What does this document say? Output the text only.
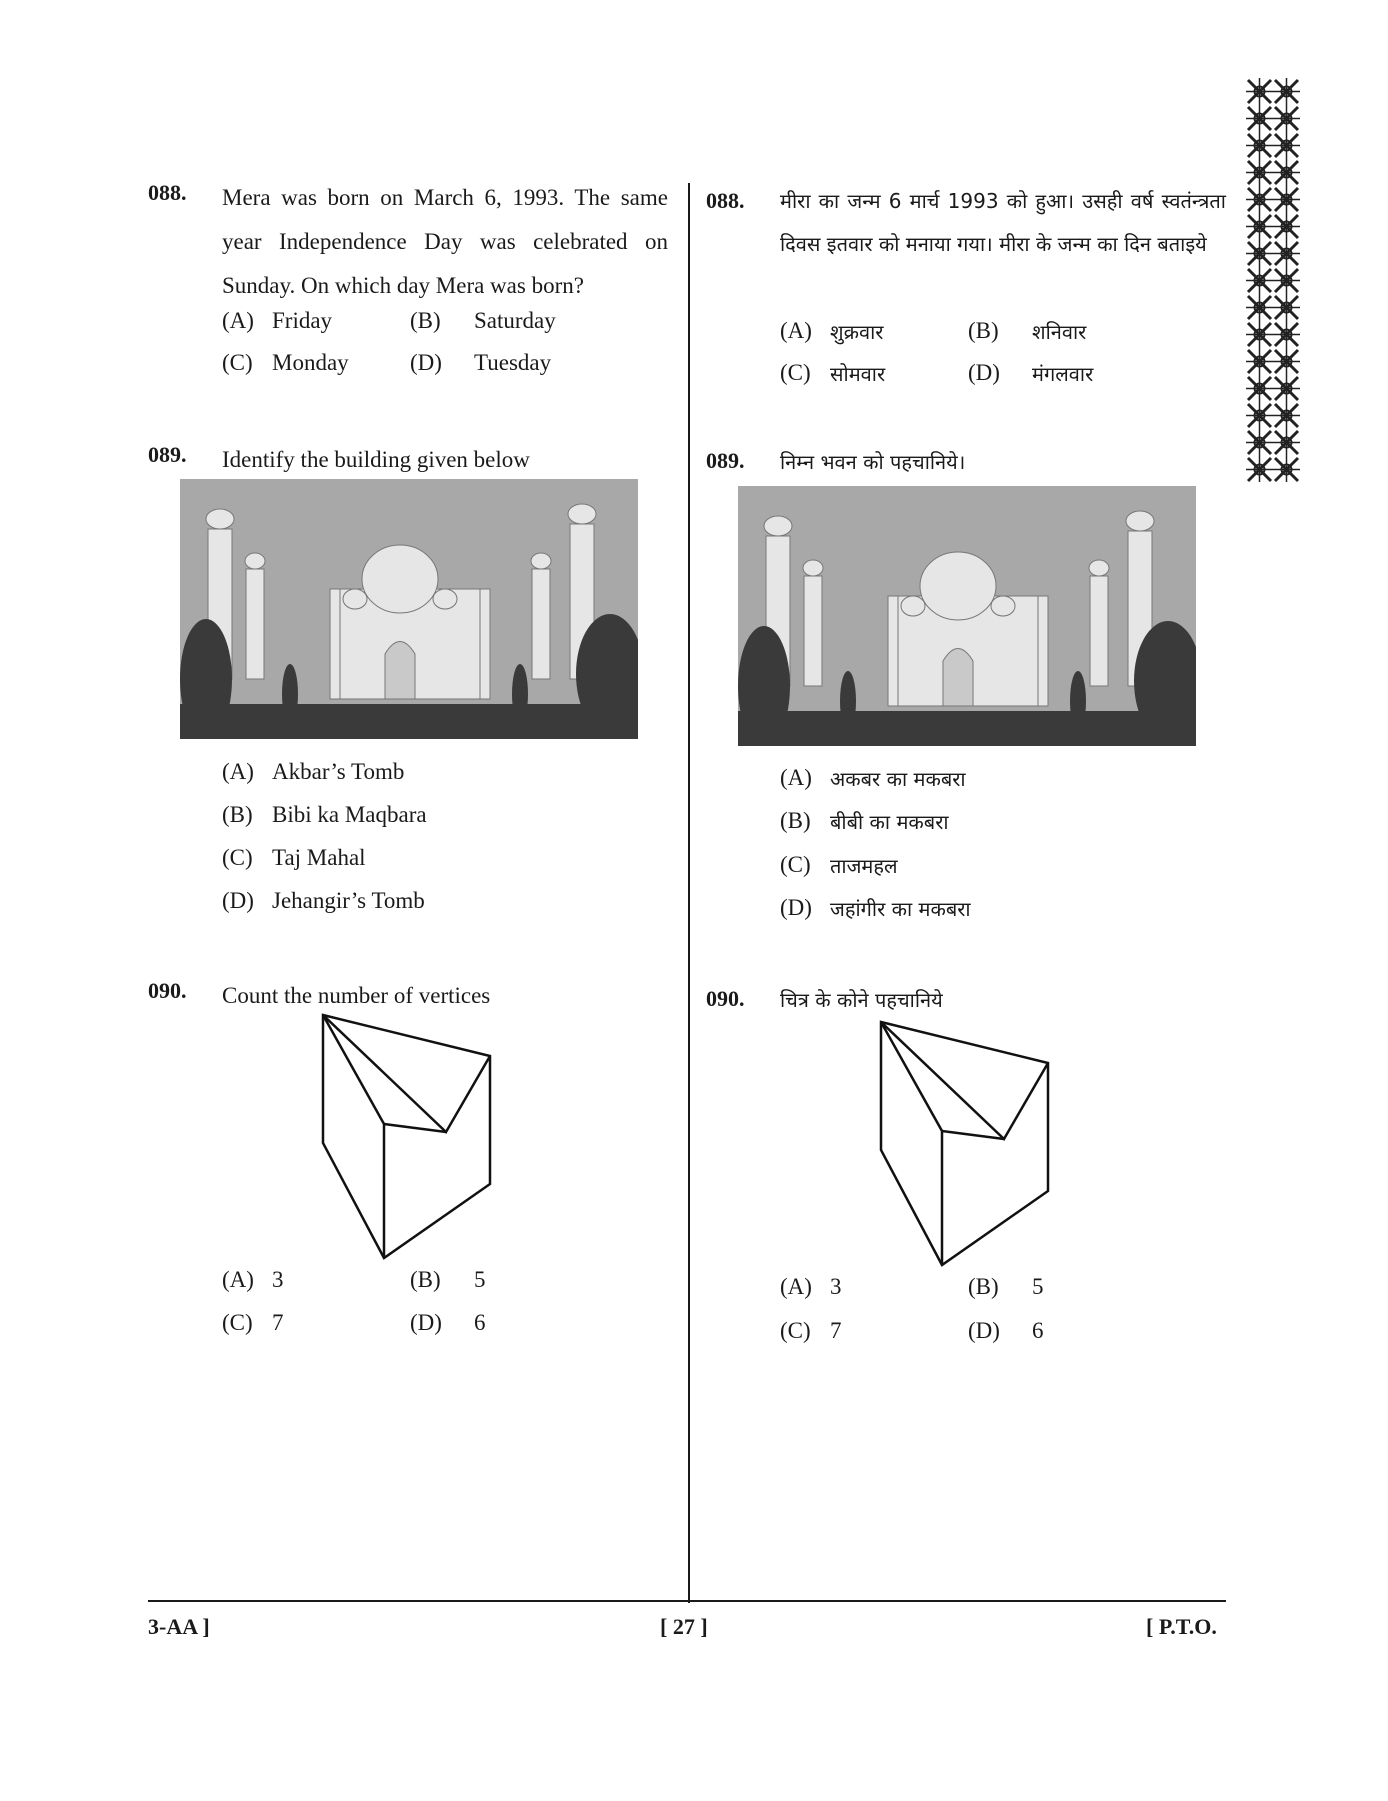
088. Mera was born on March 6, 1993. The same year Independence Day was celebrated on Sunday. On which day Mera was born?
(A) Friday	(B) Saturday
(C) Monday	(D) Tuesday
089. Identify the building given below
(A) Akbar’s Tomb
(B) Bibi ka Maqbara
(C) Taj Mahal
(D) Jehangir’s Tomb
090. Count the number of vertices
(A) 3	(B) 5
(C) 7	(D) 6
088. मीरा का जन्म 6 मार्च 1993 को हुआ। उसही वर्ष स्वतंन्त्रता दिवस इतवार को मनाया गया। मीरा के जन्म का दिन बताइये
(A) शुक्रवार	(B) शनिवार
(C) सोमवार	(D) मंगलवार
089. निम्न भवन को पहचानिये।
(A) अकबर का मकबरा
(B) बीबी का मकबरा
(C) ताजमहल
(D) जहांगीर का मकबरा
090. चित्र के कोने पहचानिये
(A) 3	(B) 5
(C) 7	(D) 6
3-AA ]	[ 27 ]	[ P.T.O.
